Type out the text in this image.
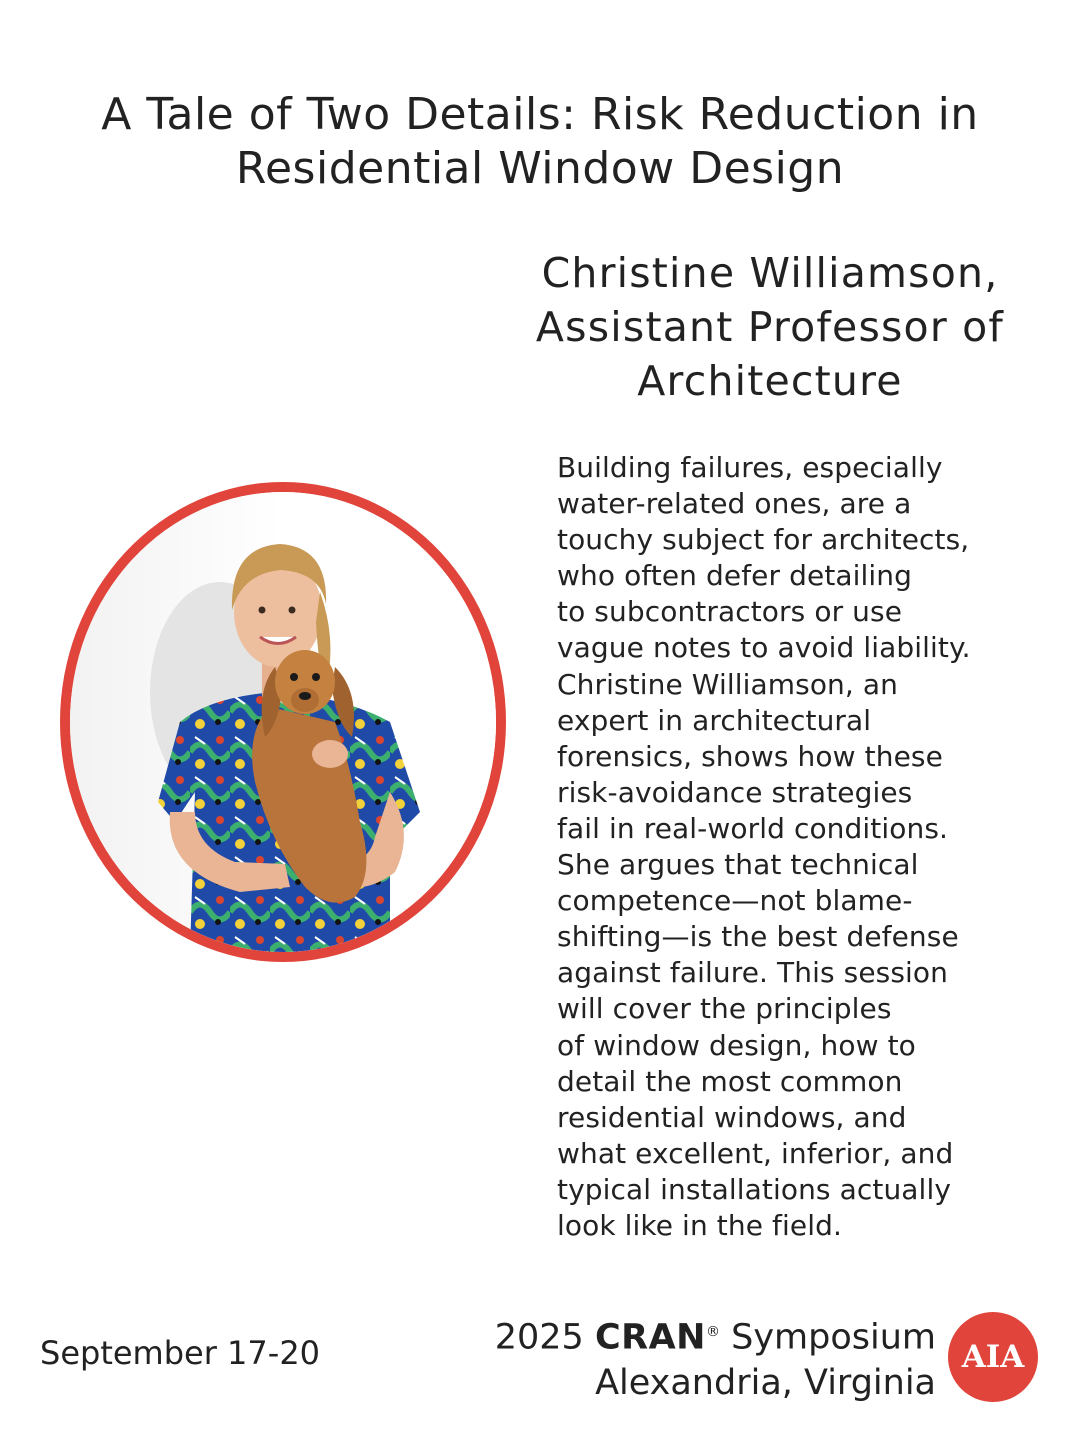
A Tale of Two Details: Risk Reduction in
Residential Window Design
Christine Williamson,
Assistant Professor of
Architecture
Building failures, especially
water-related ones, are a
touchy subject for architects,
who often defer detailing
to subcontractors or use
vague notes to avoid liability.
Christine Williamson, an
expert in architectural
forensics, shows how these
risk-avoidance strategies
fail in real-world conditions.
She argues that technical
competence—not blame-
shifting—is the best defense
against failure. This session
will cover the principles
of window design, how to
detail the most common
residential windows, and
what excellent, inferior, and
typical installations actually
look like in the field.
September 17-20	2025 CRAN® Symposium
Alexandria, Virginia
AIA
